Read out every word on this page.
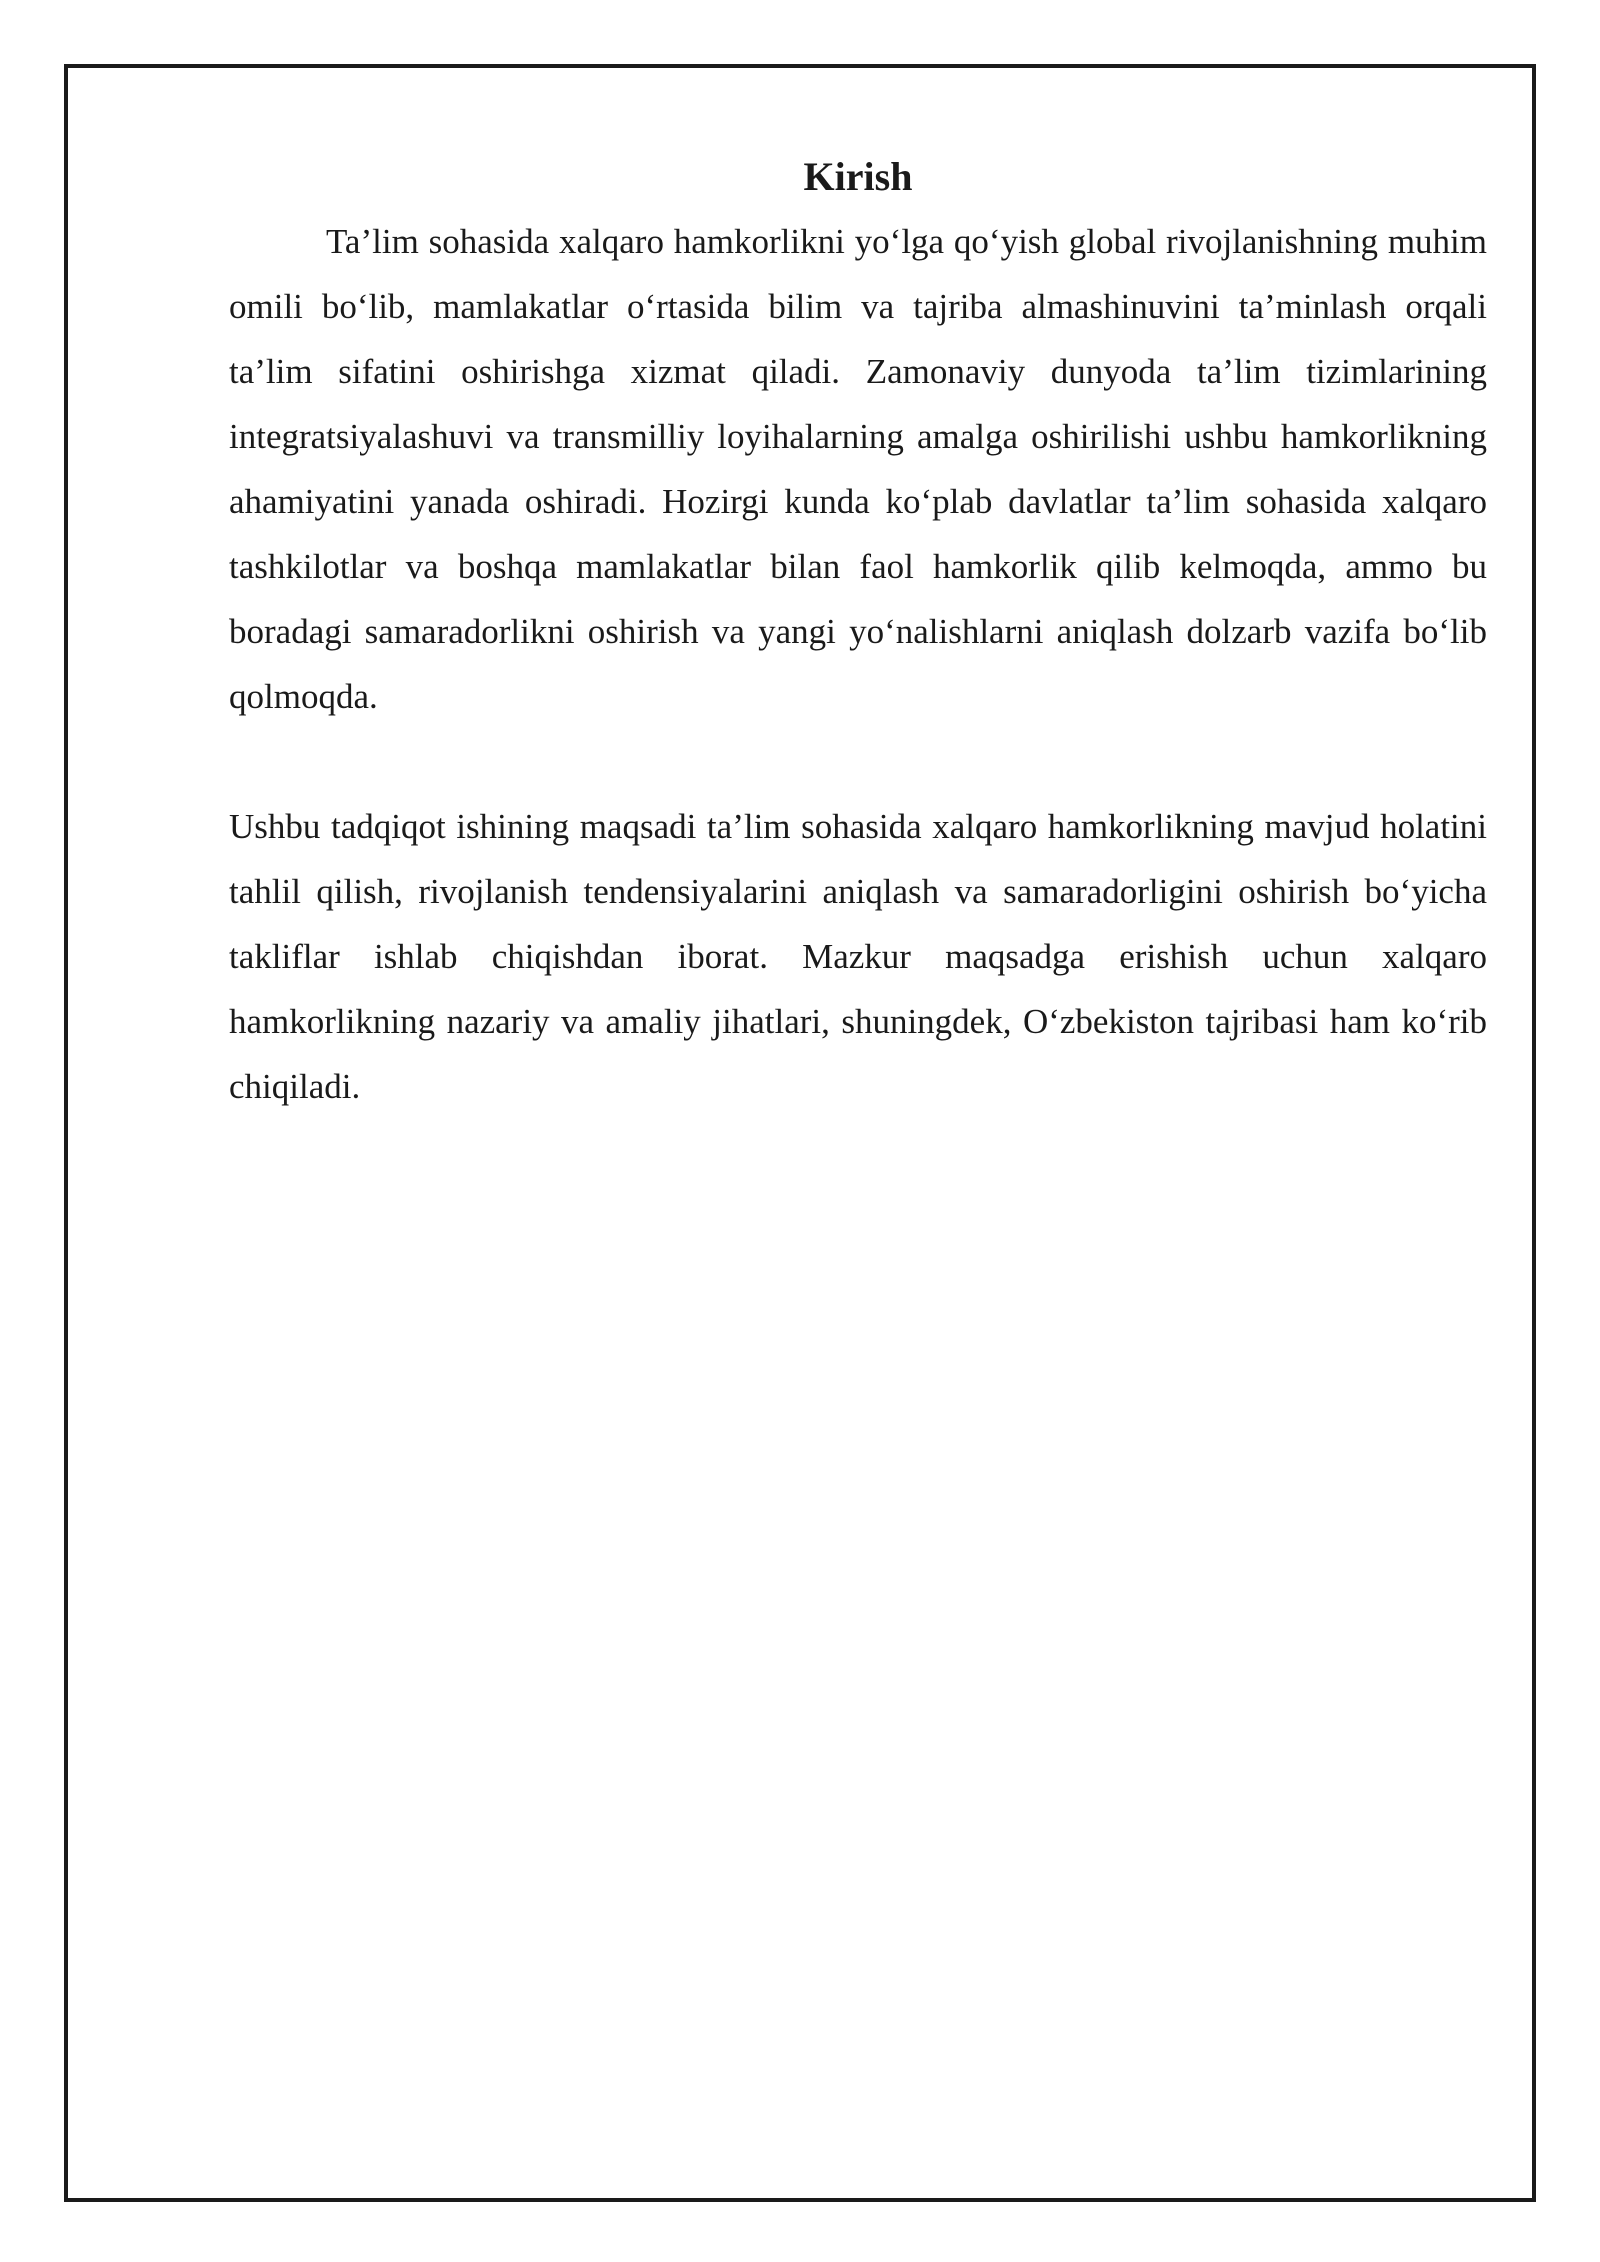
Kirish

Ta’lim sohasida xalqaro hamkorlikni yo‘lga qo‘yish global rivojlanishning muhim omili bo‘lib, mamlakatlar o‘rtasida bilim va tajriba almashinuvini ta’minlash orqali ta’lim sifatini oshirishga xizmat qiladi. Zamonaviy dunyoda ta’lim tizimlarining integratsiyalashuvi va transmilliy loyihalarning amalga oshirilishi ushbu hamkorlikning ahamiyatini yanada oshiradi. Hozirgi kunda ko‘plab davlatlar ta’lim sohasida xalqaro tashkilotlar va boshqa mamlakatlar bilan faol hamkorlik qilib kelmoqda, ammo bu boradagi samaradorlikni oshirish va yangi yo‘nalishlarni aniqlash dolzarb vazifa bo‘lib qolmoqda.

Ushbu tadqiqot ishining maqsadi ta’lim sohasida xalqaro hamkorlikning mavjud holatini tahlil qilish, rivojlanish tendensiyalarini aniqlash va samaradorligini oshirish bo‘yicha takliflar ishlab chiqishdan iborat. Mazkur maqsadga erishish uchun xalqaro hamkorlikning nazariy va amaliy jihatlari, shuningdek, O‘zbekiston tajribasi ham ko‘rib chiqiladi.
